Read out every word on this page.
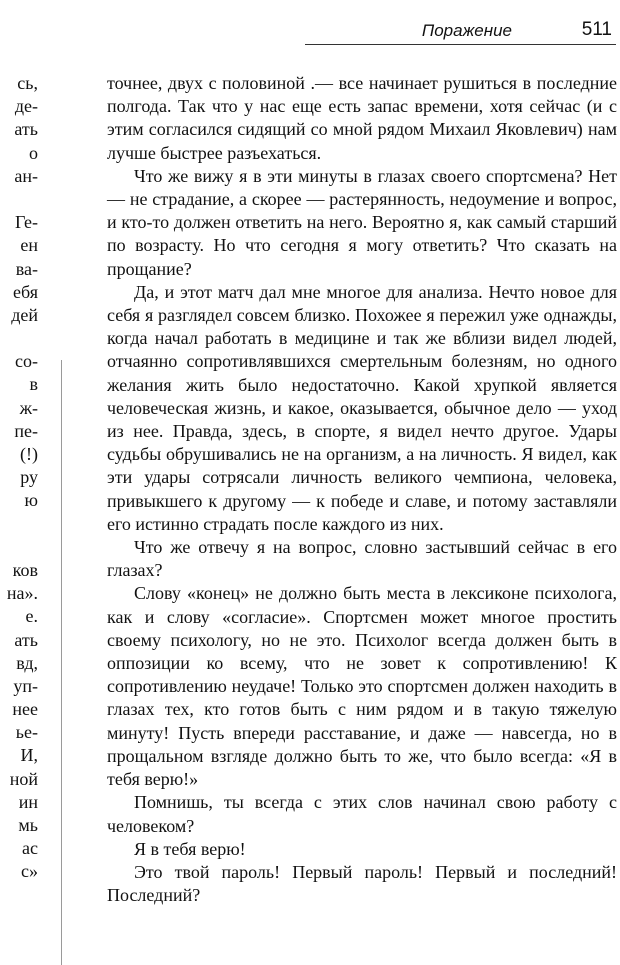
Поражение	511
сь,
де-
ать
о
ан-
Ге-
ен
ва-
ебя
дей
со-
в
ж-
пе-
(!)
ру
ю
ков
на».
е.
ать
вд,
уп-
нее
ье-
И,
ной
ин
мь
ас
с»

точнее, двух с половиной .— все начинает рушиться в последние полгода. Так что у нас еще есть запас времени, хотя сейчас (и с этим согласился сидящий со мной рядом Михаил Яковлевич) нам лучше быстрее разъехаться.

Что же вижу я в эти минуты в глазах своего спортсмена? Нет — не страдание, а скорее — растерянность, недоумение и вопрос, и кто-то должен ответить на него. Вероятно я, как самый старший по возрасту. Но что сегодня я могу ответить? Что сказать на прощание?

Да, и этот матч дал мне многое для анализа. Нечто новое для себя я разглядел совсем близко. Похожее я пережил уже однажды, когда начал работать в медицине и так же вблизи видел людей, отчаянно сопротивлявшихся смертельным болезням, но одного желания жить было недостаточно. Какой хрупкой является человеческая жизнь, и какое, оказывается, обычное дело — уход из нее. Правда, здесь, в спорте, я видел нечто другое. Удары судьбы обрушивались не на организм, а на личность. Я видел, как эти удары сотрясали личность великого чемпиона, человека, привыкшего к другому — к победе и славе, и потому заставляли его истинно страдать после каждого из них.

Что же отвечу я на вопрос, словно застывший сейчас в его глазах?

Слову «конец» не должно быть места в лексиконе психолога, как и слову «согласие». Спортсмен может многое простить своему психологу, но не это. Психолог всегда должен быть в оппозиции ко всему, что не зовет к сопротивлению! К сопротивлению неудаче! Только это спортсмен должен находить в глазах тех, кто готов быть с ним рядом и в такую тяжелую минуту! Пусть впереди расставание, и даже — навсегда, но в прощальном взгляде должно быть то же, что было всегда: «Я в тебя верю!»

Помнишь, ты всегда с этих слов начинал свою работу с человеком?

Я в тебя верю!

Это твой пароль! Первый пароль! Первый и последний! Последний?
